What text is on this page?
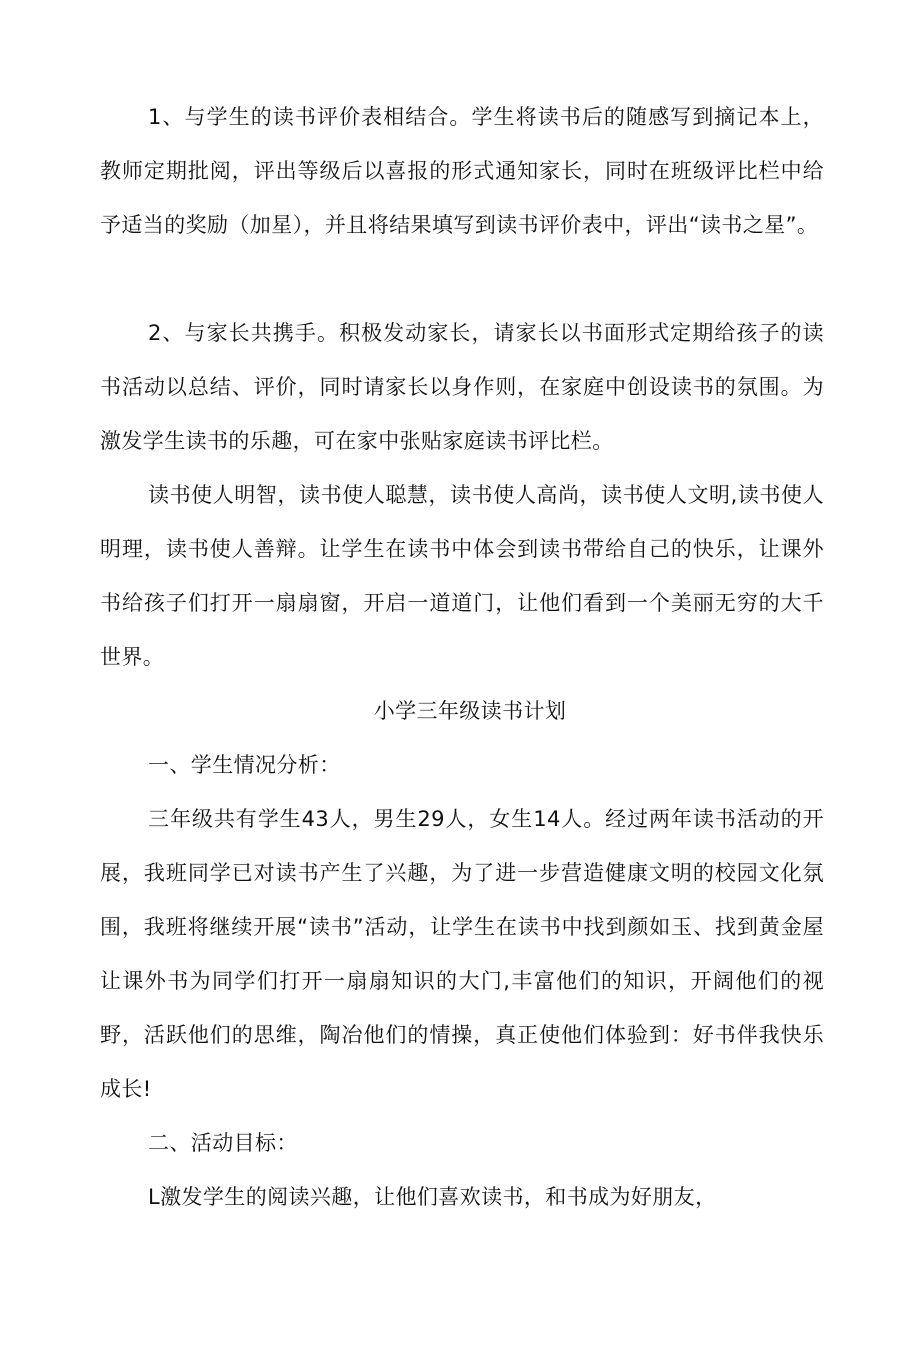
1、与学生的读书评价表相结合。学生将读书后的随感写到摘记本上，教师定期批阅，评出等级后以喜报的形式通知家长，同时在班级评比栏中给予适当的奖励（加星），并且将结果填写到读书评价表中，评出“读书之星”。

2、与家长共携手。积极发动家长，请家长以书面形式定期给孩子的读书活动以总结、评价，同时请家长以身作则，在家庭中创设读书的氛围。为激发学生读书的乐趣，可在家中张贴家庭读书评比栏。

读书使人明智，读书使人聪慧，读书使人高尚，读书使人文明,读书使人明理，读书使人善辩。让学生在读书中体会到读书带给自己的快乐，让课外书给孩子们打开一扇扇窗，开启一道道门，让他们看到一个美丽无穷的大千世界。

小学三年级读书计划

一、学生情况分析：

三年级共有学生43人，男生29人，女生14人。经过两年读书活动的开展，我班同学已对读书产生了兴趣，为了进一步营造健康文明的校园文化氛围，我班将继续开展“读书”活动，让学生在读书中找到颜如玉、找到黄金屋让课外书为同学们打开一扇扇知识的大门,丰富他们的知识，开阔他们的视野，活跃他们的思维，陶冶他们的情操，真正使他们体验到：好书伴我快乐成长!

二、活动目标：

L激发学生的阅读兴趣，让他们喜欢读书，和书成为好朋友，
